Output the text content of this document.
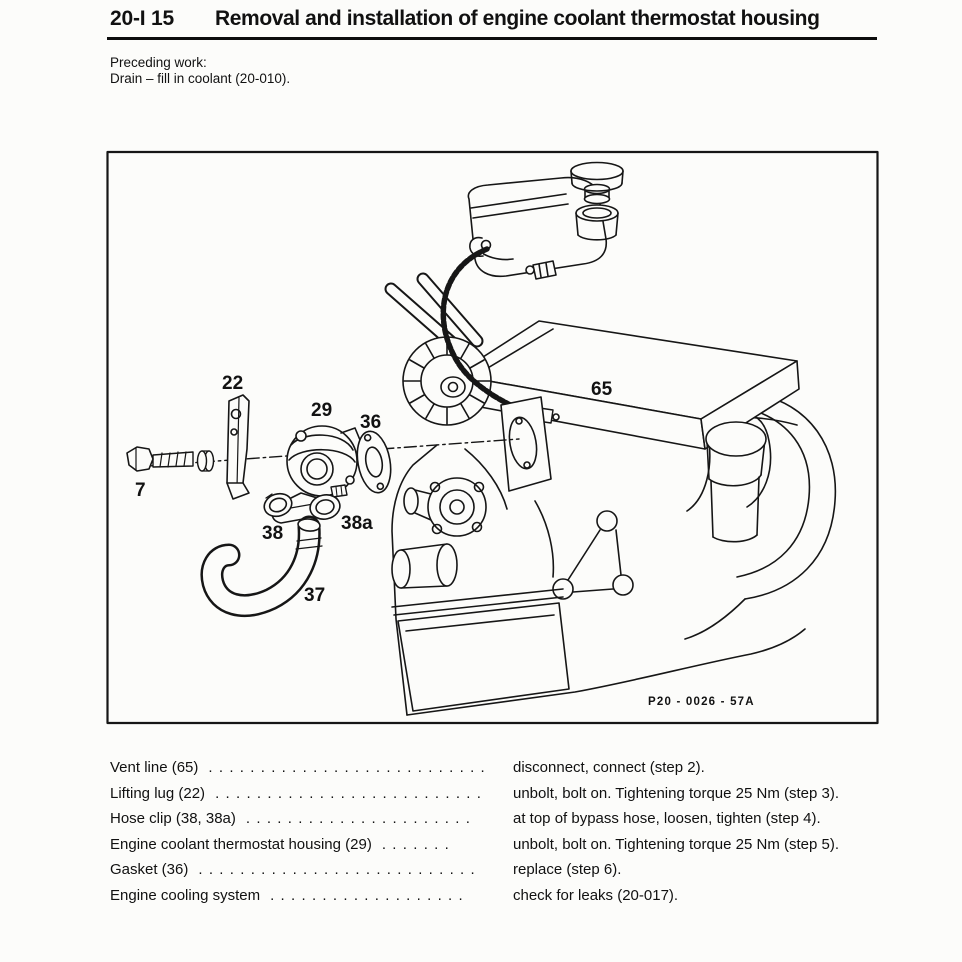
20-I 15 Removal and installation of engine coolant thermostat housing
Preceding work:
Drain – fill in coolant (20-010).
7
22
29
36
65
38	38a
37
P20 - 0026 - 57A
Vent line (65) ...........................	disconnect, connect (step 2).
Lifting lug (22) ..........................	unbolt, bolt on. Tightening torque 25 Nm (step 3).
Hose clip (38, 38a) ......................	at top of bypass hose, loosen, tighten (step 4).
Engine coolant thermostat housing (29) .......	unbolt, bolt on. Tightening torque 25 Nm (step 5).
Gasket (36) ...........................	replace (step 6).
Engine cooling system ...................	check for leaks (20-017).
